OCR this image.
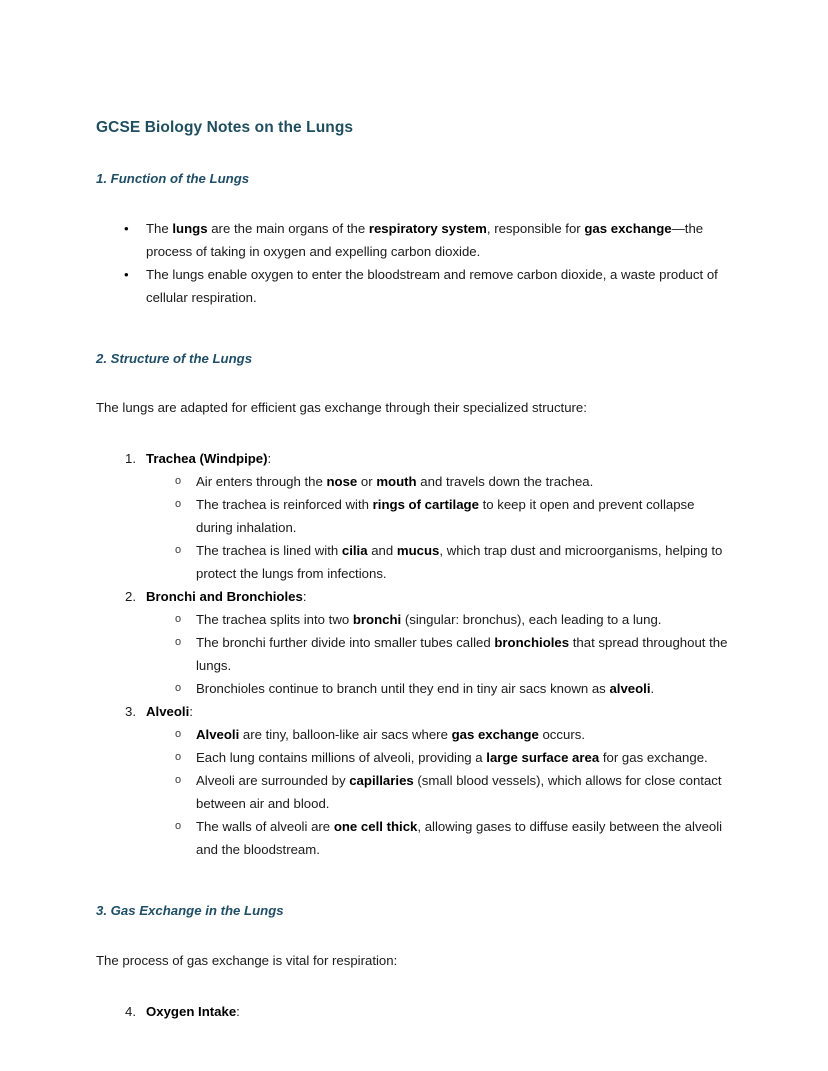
GCSE Biology Notes on the Lungs
1. Function of the Lungs
• The lungs are the main organs of the respiratory system, responsible for gas exchange—the process of taking in oxygen and expelling carbon dioxide.
• The lungs enable oxygen to enter the bloodstream and remove carbon dioxide, a waste product of cellular respiration.
2. Structure of the Lungs

The lungs are adapted for efficient gas exchange through their specialized structure:

1. Trachea (Windpipe):
o Air enters through the nose or mouth and travels down the trachea.
o The trachea is reinforced with rings of cartilage to keep it open and prevent collapse during inhalation.
o The trachea is lined with cilia and mucus, which trap dust and microorganisms, helping to protect the lungs from infections.
2. Bronchi and Bronchioles:
o The trachea splits into two bronchi (singular: bronchus), each leading to a lung.
o The bronchi further divide into smaller tubes called bronchioles that spread throughout the lungs.
o Bronchioles continue to branch until they end in tiny air sacs known as alveoli.
3. Alveoli:
o Alveoli are tiny, balloon-like air sacs where gas exchange occurs.
o Each lung contains millions of alveoli, providing a large surface area for gas exchange.
o Alveoli are surrounded by capillaries (small blood vessels), which allows for close contact between air and blood.
o The walls of alveoli are one cell thick, allowing gases to diffuse easily between the alveoli and the bloodstream.
3. Gas Exchange in the Lungs

The process of gas exchange is vital for respiration:

4. Oxygen Intake:
